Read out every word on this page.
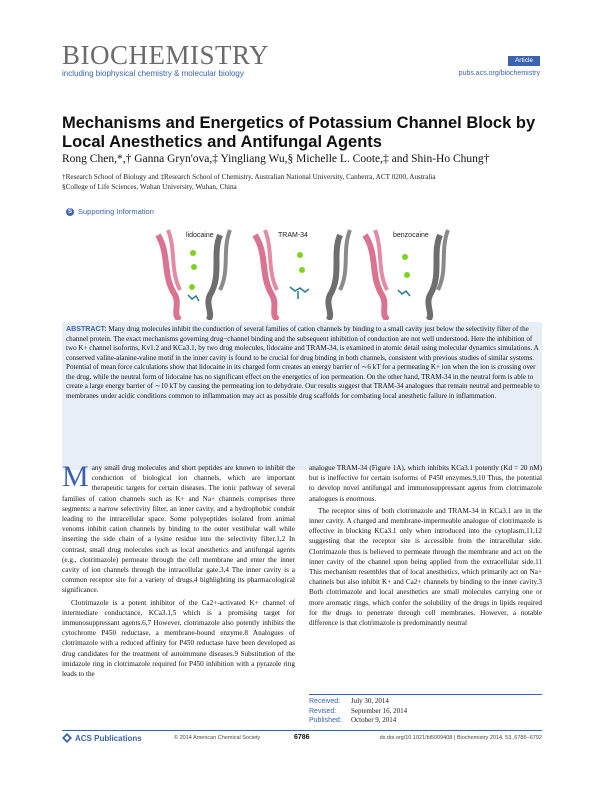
BIOCHEMISTRY
including biophysical chemistry & molecular biology
Article
pubs.acs.org/biochemistry
Mechanisms and Energetics of Potassium Channel Block by Local Anesthetics and Antifungal Agents
Rong Chen,*,† Ganna Gryn'ova,‡ Yingliang Wu,§ Michelle L. Coote,‡ and Shin-Ho Chung†
†Research School of Biology and ‡Research School of Chemistry, Australian National University, Canberra, ACT 0200, Australia
§College of Life Sciences, Wuhan University, Wuhan, China
S Supporting Information
lidocaine	TRAM-34	benzocaine

ABSTRACT: Many drug molecules inhibit the conduction of several families of cation channels by binding to a small cavity just below the selectivity filter of the channel protein. The exact mechanisms governing drug−channel binding and the subsequent inhibition of conduction are not well understood. Here the inhibition of two K+ channel isoforms, Kv1.2 and KCa3.1, by two drug molecules, lidocaine and TRAM-34, is examined in atomic detail using molecular dynamics simulations. A conserved valine-alanine-valine motif in the inner cavity is found to be crucial for drug binding in both channels, consistent with previous studies of similar systems. Potential of mean force calculations show that lidocaine in its charged form creates an energy barrier of ∼6 kT for a permeating K+ ion when the ion is crossing over the drug, while the neutral form of lidocaine has no significant effect on the energetics of ion permeation. On the other hand, TRAM-34 in the neutral form is able to create a large energy barrier of ∼10 kT by causing the permeating ion to dehydrate. Our results suggest that TRAM-34 analogues that remain neutral and permeable to membranes under acidic conditions common to inflammation may act as possible drug scaffolds for combating local anesthetic failure in inflammation.

Many small drug molecules and short peptides are known to inhibit the conduction of biological ion channels, which are important therapeutic targets for certain diseases. The ionic pathway of several families of cation channels such as K+ and Na+ channels comprises three segments: a narrow selectivity filter, an inner cavity, and a hydrophobic conduit leading to the intracellular space. Some polypeptides isolated from animal venoms inhibit cation channels by binding to the outer vestibular wall while inserting the side chain of a lysine residue into the selectivity filter.1,2 In contrast, small drug molecules such as local anesthetics and antifungal agents (e.g., clotrimazole) permeate through the cell membrane and enter the inner cavity of ion channels through the intracellular gate.3,4 The inner cavity is a common receptor site for a variety of drugs,4 highlighting its pharmacological significance.

Clotrimazole is a potent inhibitor of the Ca2+-activated K+ channel of intermediate conductance, KCa3.1,5 which is a promising target for immunosuppressant agents.6,7 However, clotrimazole also potently inhibits the cytochrome P450 reductase, a membrane-bound enzyme.8 Analogues of clotrimazole with a reduced affinity for P450 reductase have been developed as drug candidates for the treatment of autoimmune diseases.9 Substitution of the imidazole ring in clotrimazole required for P450 inhibition with a pyrazole ring leads to the

analogue TRAM-34 (Figure 1A), which inhibits KCa3.1 potently (Kd = 20 nM) but is ineffective for certain isoforms of P450 enzymes.9,10 Thus, the potential to develop novel antifungal and immunosuppressant agents from clotrimazole analogues is enormous.

The receptor sites of both clotrimazole and TRAM-34 in KCa3.1 are in the inner cavity. A charged and membrane-impermeable analogue of clotrimazole is effective in blocking KCa3.1 only when introduced into the cytoplasm,11,12 suggesting that the receptor site is accessible from the intracellular side. Clotrimazole thus is believed to permeate through the membrane and act on the inner cavity of the channel upon being applied from the extracellular side.11 This mechanism resembles that of local anesthetics, which primarily act on Na+ channels but also inhibit K+ and Ca2+ channels by binding to the inner cavity.3 Both clotrimazole and local anesthetics are small molecules carrying one or more aromatic rings, which confer the solubility of the drugs in lipids required for the drugs to penetrate through cell membranes. However, a notable difference is that clotrimazole is predominantly neutral

Received: July 30, 2014
Revised: September 16, 2014
Published: October 9, 2014
ACS Publications	© 2014 American Chemical Society	6786	dx.doi.org/10.1021/bi5009408 | Biochemistry 2014, 53, 6786−6792
